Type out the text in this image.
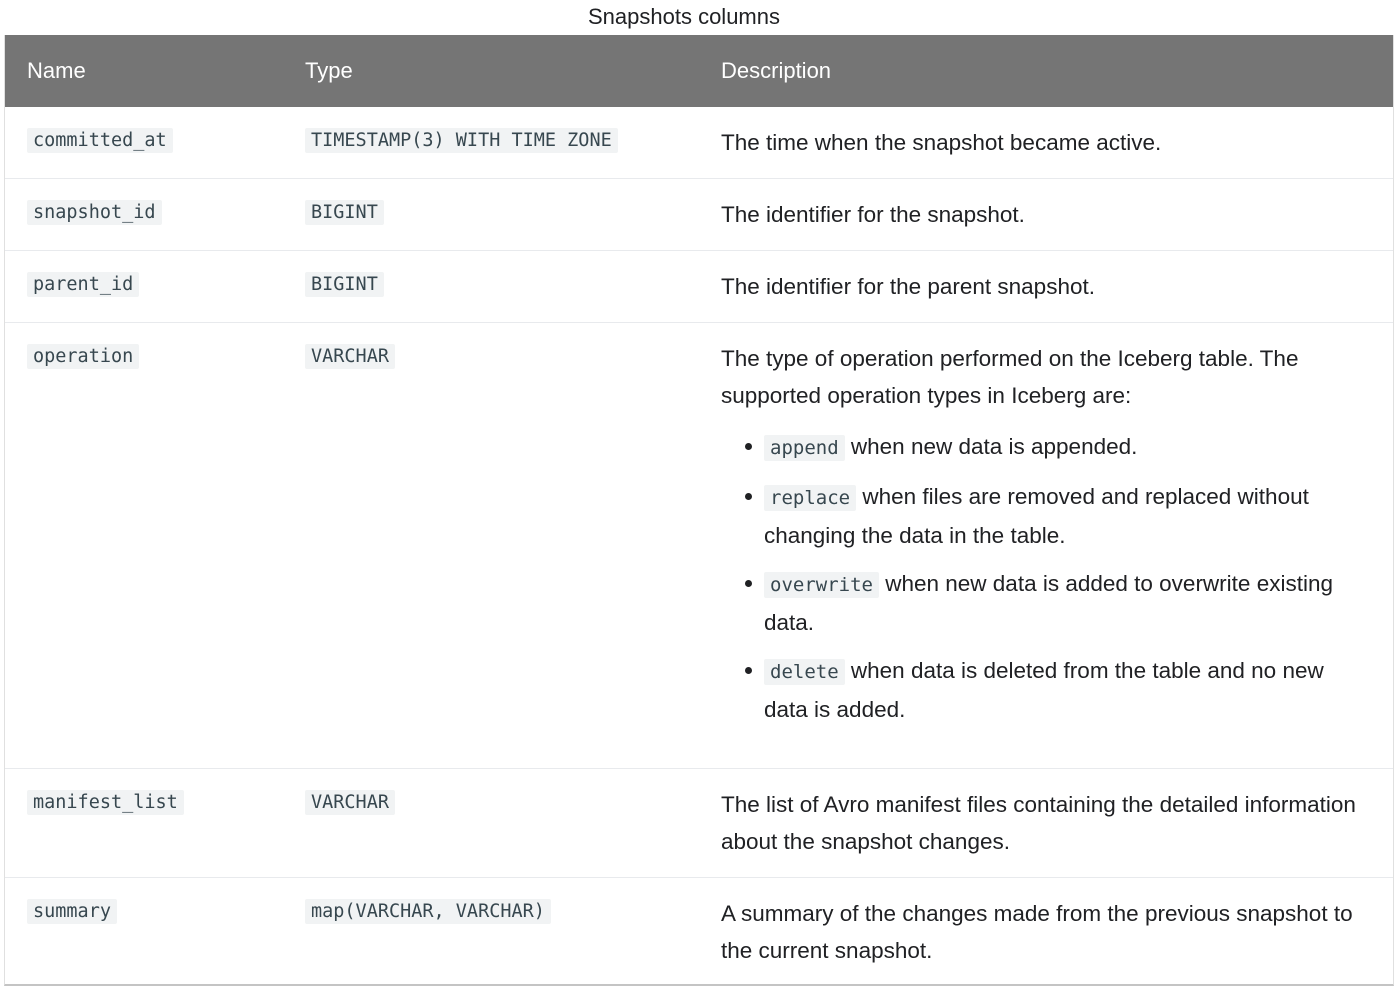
Snapshots columns
Name	Type	Description
committed_at	TIMESTAMP(3) WITH TIME ZONE	The time when the snapshot became active.
snapshot_id	BIGINT	The identifier for the snapshot.
parent_id	BIGINT	The identifier for the parent snapshot.
operation	VARCHAR	The type of operation performed on the Iceberg table. The supported operation types in Iceberg are:
append when new data is appended.
replace when files are removed and replaced without changing the data in the table.
overwrite when new data is added to overwrite existing data.
delete when data is deleted from the table and no new data is added.
manifest_list	VARCHAR	The list of Avro manifest files containing the detailed information about the snapshot changes.
summary	map(VARCHAR, VARCHAR)	A summary of the changes made from the previous snapshot to the current snapshot.
